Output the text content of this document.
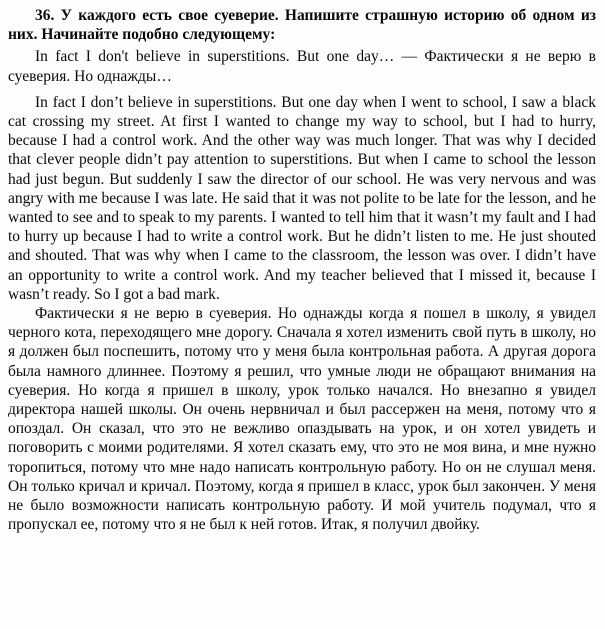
36. У каждого есть свое суеверие. Напишите страшную историю об одном из них. Начинайте подобно следующему:

In fact I don't believe in superstitions. But one day… — Фактически я не верю в суеверия. Но однажды…

In fact I don’t believe in superstitions. But one day when I went to school, I saw a black cat crossing my street. At first I wanted to change my way to school, but I had to hurry, because I had a control work. And the other way was much longer. That was why I decided that clever people didn’t pay attention to superstitions. But when I came to school the lesson had just begun. But suddenly I saw the director of our school. He was very nervous and was angry with me because I was late. He said that it was not polite to be late for the lesson, and he wanted to see and to speak to my parents. I wanted to tell him that it wasn’t my fault and I had to hurry up because I had to write a control work. But he didn’t listen to me. He just shouted and shouted. That was why when I came to the classroom, the lesson was over. I didn’t have an opportunity to write a control work. And my teacher believed that I missed it, because I wasn’t ready. So I got a bad mark.

Фактически я не верю в суеверия. Но однажды когда я пошел в школу, я увидел черного кота, переходящего мне дорогу. Сначала я хотел изменить свой путь в школу, но я должен был поспешить, потому что у меня была контрольная работа. А другая дорога была намного длиннее. Поэтому я решил, что умные люди не обращают внимания на суеверия. Но когда я пришел в школу, урок только начался. Но внезапно я увидел директора нашей школы. Он очень нервничал и был рассержен на меня, потому что я опоздал. Он сказал, что это не вежливо опаздывать на урок, и он хотел увидеть и поговорить с моими родителями. Я хотел сказать ему, что это не моя вина, и мне нужно торопиться, потому что мне надо написать контрольную работу. Но он не слушал меня. Он только кричал и кричал. Поэтому, когда я пришел в класс, урок был закончен. У меня не было возможности написать контрольную работу. И мой учитель подумал, что я пропускал ее, потому что я не был к ней готов. Итак, я получил двойку.
